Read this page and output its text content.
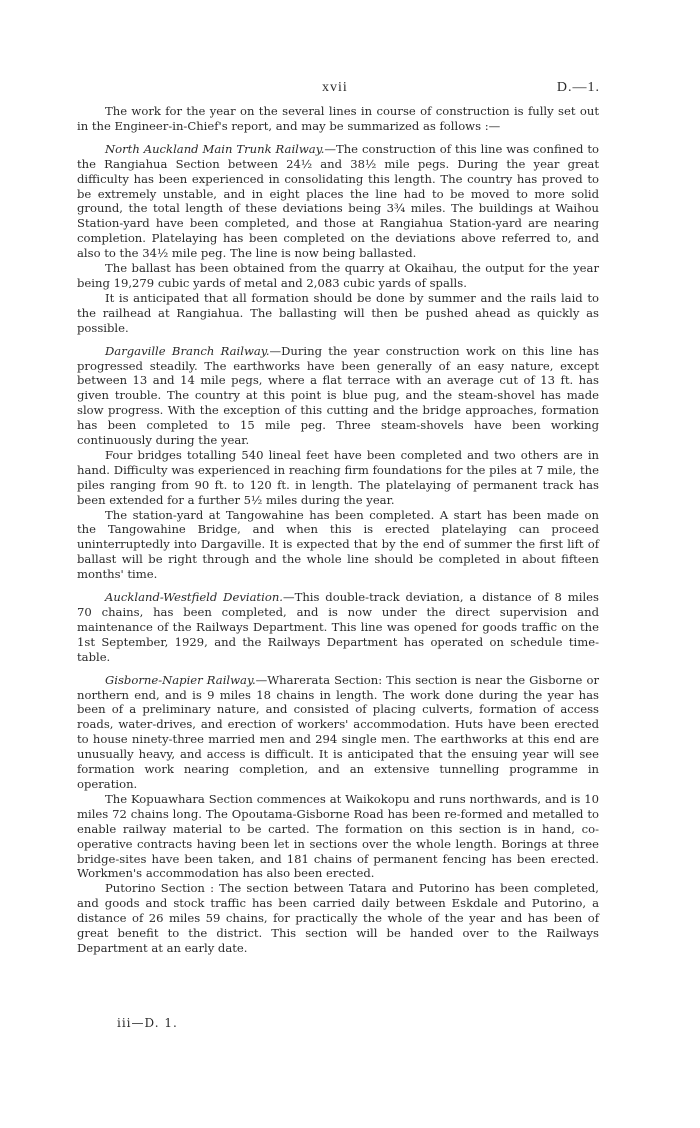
xvii	D.—1.

The work for the year on the several lines in course of construction is fully set out in the Engineer-in-Chief's report, and may be summarized as follows :—

North Auckland Main Trunk Railway.—The construction of this line was confined to the Rangiahua Section between 24½ and 38½ mile pegs. During the year great difficulty has been experienced in consolidating this length. The country has proved to be extremely unstable, and in eight places the line had to be moved to more solid ground, the total length of these deviations being 3¾ miles. The buildings at Waihou Station-yard have been completed, and those at Rangiahua Station-yard are nearing completion. Platelaying has been completed on the deviations above referred to, and also to the 34½ mile peg. The line is now being ballasted.

The ballast has been obtained from the quarry at Okaihau, the output for the year being 19,279 cubic yards of metal and 2,083 cubic yards of spalls.

It is anticipated that all formation should be done by summer and the rails laid to the railhead at Rangiahua. The ballasting will then be pushed ahead as quickly as possible.

Dargaville Branch Railway.—During the year construction work on this line has progressed steadily. The earthworks have been generally of an easy nature, except between 13 and 14 mile pegs, where a flat terrace with an average cut of 13 ft. has given trouble. The country at this point is blue pug, and the steam-shovel has made slow progress. With the exception of this cutting and the bridge approaches, formation has been completed to 15 mile peg. Three steam-shovels have been working continuously during the year.

Four bridges totalling 540 lineal feet have been completed and two others are in hand. Difficulty was experienced in reaching firm foundations for the piles at 7 mile, the piles ranging from 90 ft. to 120 ft. in length. The platelaying of permanent track has been extended for a further 5½ miles during the year.

The station-yard at Tangowahine has been completed. A start has been made on the Tangowahine Bridge, and when this is erected platelaying can proceed uninterruptedly into Dargaville. It is expected that by the end of summer the first lift of ballast will be right through and the whole line should be completed in about fifteen months' time.

Auckland-Westfield Deviation.—This double-track deviation, a distance of 8 miles 70 chains, has been completed, and is now under the direct supervision and maintenance of the Railways Department. This line was opened for goods traffic on the 1st September, 1929, and the Railways Department has operated on schedule time-table.

Gisborne-Napier Railway.—Wharerata Section: This section is near the Gisborne or northern end, and is 9 miles 18 chains in length. The work done during the year has been of a preliminary nature, and consisted of placing culverts, formation of access roads, water-drives, and erection of workers' accommodation. Huts have been erected to house ninety-three married men and 294 single men. The earthworks at this end are unusually heavy, and access is difficult. It is anticipated that the ensuing year will see formation work nearing completion, and an extensive tunnelling programme in operation.

The Kopuawhara Section commences at Waikokopu and runs northwards, and is 10 miles 72 chains long. The Opoutama-Gisborne Road has been re-formed and metalled to enable railway material to be carted. The formation on this section is in hand, co-operative contracts having been let in sections over the whole length. Borings at three bridge-sites have been taken, and 181 chains of permanent fencing has been erected. Workmen's accommodation has also been erected.

Putorino Section : The section between Tatara and Putorino has been completed, and goods and stock traffic has been carried daily between Eskdale and Putorino, a distance of 26 miles 59 chains, for practically the whole of the year and has been of great benefit to the district. This section will be handed over to the Railways Department at an early date.

iii—D. 1.
